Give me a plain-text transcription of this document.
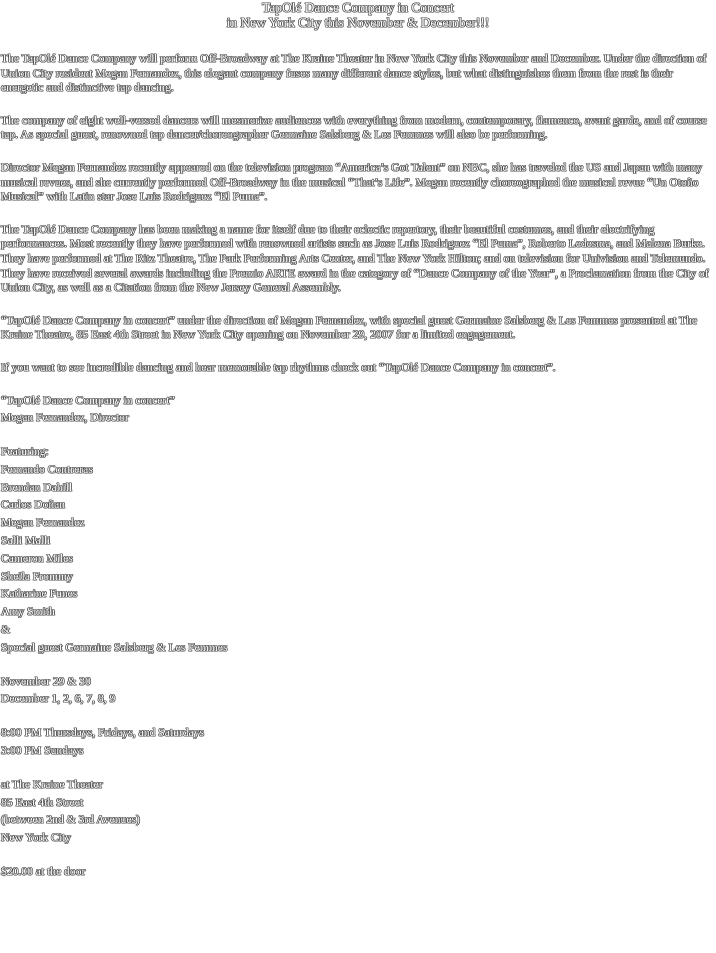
TapOlé Dance Company in Concert
in New York City this November & December!!!

The TapOlé Dance Company will perform Off-Broadway at The Kraine Theater in New York City this November and December. Under the direction of Union City resident Megan Fernandez, this elegant company fuses many different dance styles, but what distinguishes them from the rest is their energetic and distinctive tap dancing.

The company of eight well-versed dancers will mesmerize audiences with everything from modern, contemporary, flamenco, avant garde, and of course tap. As special guest, renowned tap dancer/choreographer Germaine Salsberg & Les Femmes will also be performing.

Director Megan Fernandez recently appeared on the television program “America’s Got Talent” on NBC, she has traveled the US and Japan with many musical revues, and she currently performed Off-Broadway in the musical “That’s Life”. Megan recently choreographed the musical revue “Un Otoño Musical” with Latin star Jose Luis Rodriguez “El Puma”.

The TapOlé Dance Company has been making a name for itself due to their eclectic repertory, their beautiful costumes, and their electrifying performances. Most recently they have performed with renowned artists such as Jose Luis Rodriguez “El Puma”, Roberto Ledesma, and Malena Burke. They have performed at The Ritz Theatre, The Park Performing Arts Center, and The New York Hilton; and on television for Univision and Telemundo. They have received several awards including the Premio ARTE award in the category of “Dance Company of the Year”, a Proclamation from the City of Union City, as well as a Citation from the New Jersey General Assembly.

“TapOlé Dance Company in concert” under the direction of Megan Fernandez, with special guest Germaine Salsberg & Les Femmes presented at The Kraine Theatre, 85 East 4th Street in New York City opening on November 29, 2007 for a limited engagement.

If you want to see incredible dancing and hear memorable tap rhythms check out “TapOlé Dance Company in concert”.

“TapOlé Dance Company in concert”
Megan Fernandez, Director
Featuring:
Fernando Contreras
Brendan Dahill
Carlos Doñan
Megan Fernandez
Salli Malli
Cameron Miles
Sheila Frommy
Katharine Funes
Amy Smith
&
Special guest Germaine Salsberg & Les Femmes
November 29 & 30
December 1, 2, 6, 7, 8, 9
8:00 PM Thursdays, Fridays, and Saturdays
3:00 PM Sundays
at The Kraine Theater
85 East 4th Street
(between 2nd & 3rd Avenues)
New York City
$20.00 at the door
